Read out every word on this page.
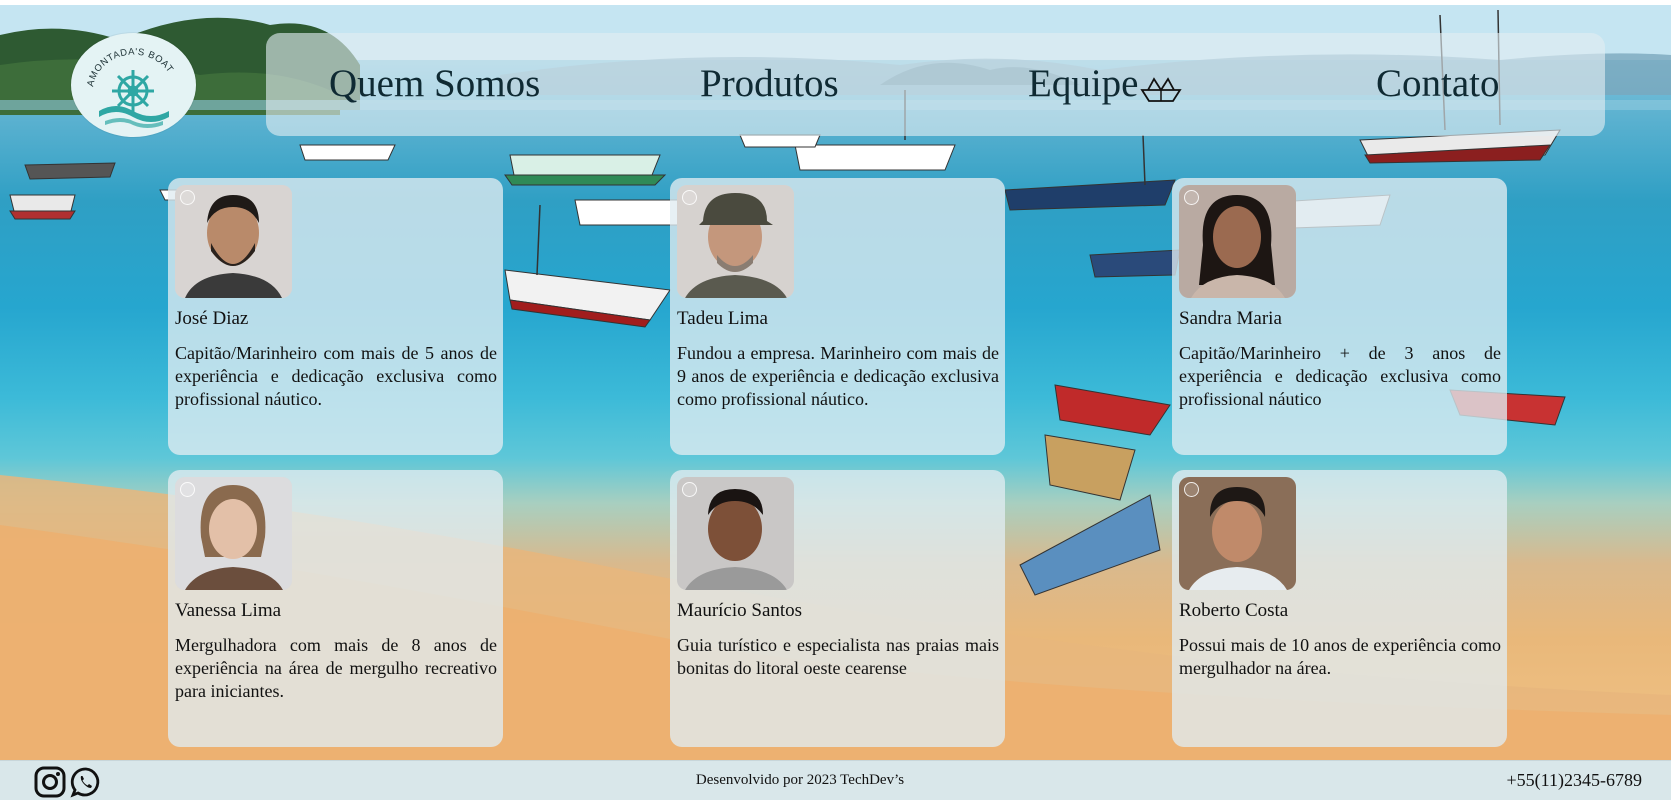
AMONTADA'S BOAT	Quem Somos	Produtos	Equipe	Contato
José Diaz
Capitão/Marinheiro com mais de 5 anos de experiência e dedicação exclusiva como profissional náutico.
Tadeu Lima
Fundou a empresa. Marinheiro com mais de 9 anos de experiência e dedicação exclusiva como profissional náutico.
Sandra Maria
Capitão/Marinheiro + de 3 anos de experiência e dedicação exclusiva como profissional náutico
Vanessa Lima
Mergulhadora com mais de 8 anos de experiência na área de mergulho recreativo para iniciantes.
Maurício Santos
Guia turístico e especialista nas praias mais bonitas do litoral oeste cearense
Roberto Costa
Possui mais de 10 anos de experiência como mergulhador na área.
Desenvolvido por 2023 TechDev’s	+55(11)2345-6789
